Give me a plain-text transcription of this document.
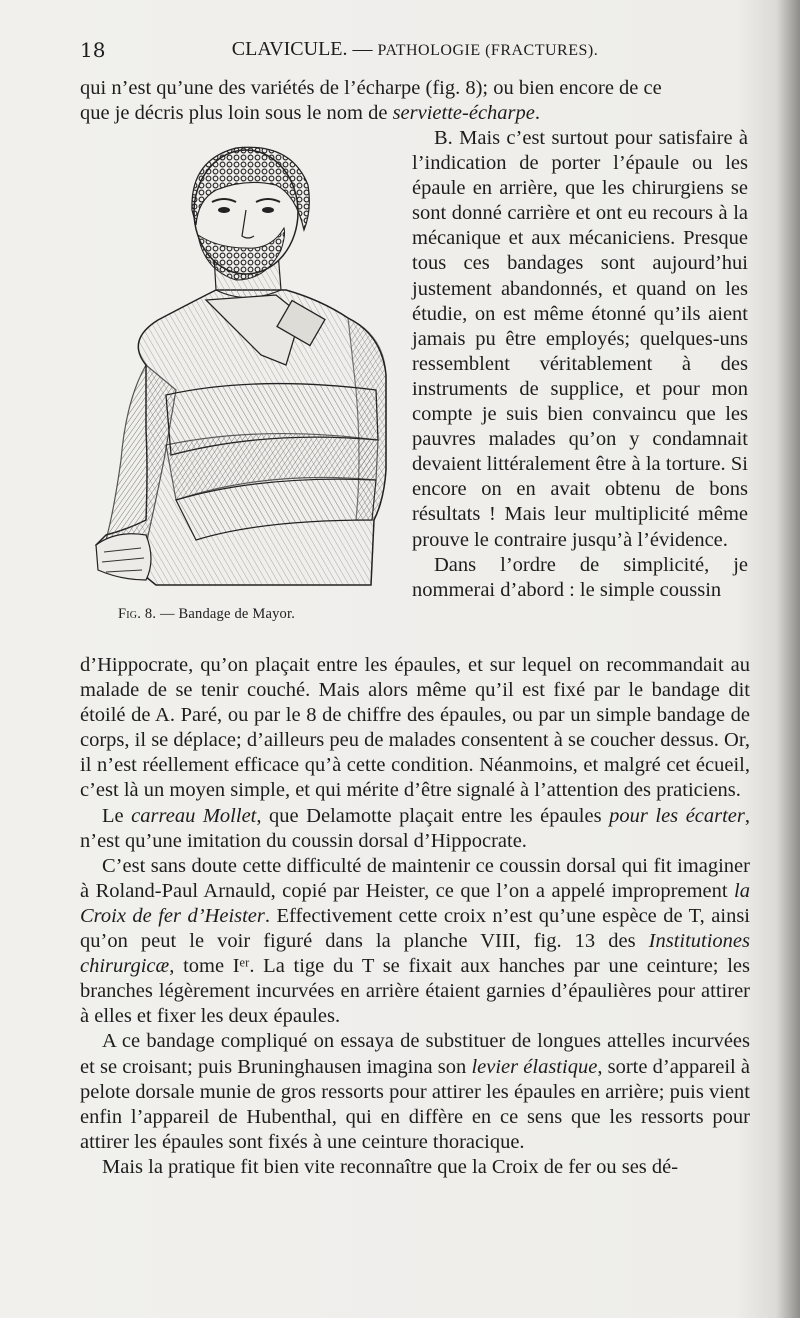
18	CLAVICULE. — PATHOLOGIE (FRACTURES).

qui n’est qu’une des variétés de l’écharpe (fig. 8); ou bien encore de ce

que je décris plus loin sous le nom de serviette-écharpe.

Fig. 8. — Bandage de Mayor.

B. Mais c’est surtout pour satisfaire à l’indication de porter l’épaule ou les épaule en arrière, que les chirurgiens se sont donné carrière et ont eu recours à la mécanique et aux mécaniciens. Presque tous ces bandages sont aujourd’hui justement abandonnés, et quand on les étudie, on est même étonné qu’ils aient jamais pu être employés; quelques-uns ressemblent véritablement à des instruments de supplice, et pour mon compte je suis bien convaincu que les pauvres malades qu’on y condamnait devaient littéralement être à la torture. Si encore on en avait obtenu de bons résultats ! Mais leur multiplicité même prouve le contraire jusqu’à l’évidence.

Dans l’ordre de simplicité, je nommerai d’abord : le simple coussin

d’Hippocrate, qu’on plaçait entre les épaules, et sur lequel on recommandait au malade de se tenir couché. Mais alors même qu’il est fixé par le bandage dit étoilé de A. Paré, ou par le 8 de chiffre des épaules, ou par un simple bandage de corps, il se déplace; d’ailleurs peu de malades consentent à se coucher dessus. Or, il n’est réellement efficace qu’à cette condition. Néanmoins, et malgré cet écueil, c’est là un moyen simple, et qui mérite d’être signalé à l’attention des praticiens.

Le carreau Mollet, que Delamotte plaçait entre les épaules pour les écarter, n’est qu’une imitation du coussin dorsal d’Hippocrate.

C’est sans doute cette difficulté de maintenir ce coussin dorsal qui fit imaginer à Roland-Paul Arnauld, copié par Heister, ce que l’on a appelé improprement la Croix de fer d’Heister. Effectivement cette croix n’est qu’une espèce de T, ainsi qu’on peut le voir figuré dans la planche VIII, fig. 13 des Institutiones chirurgicæ, tome Iᵉʳ. La tige du T se fixait aux hanches par une ceinture; les branches légèrement incurvées en arrière étaient garnies d’épaulières pour attirer à elles et fixer les deux épaules.

A ce bandage compliqué on essaya de substituer de longues attelles incurvées et se croisant; puis Bruninghausen imagina son levier élastique, sorte d’appareil à pelote dorsale munie de gros ressorts pour attirer les épaules en arrière; puis vient enfin l’appareil de Hubenthal, qui en diffère en ce sens que les ressorts pour attirer les épaules sont fixés à une ceinture thoracique.

Mais la pratique fit bien vite reconnaître que la Croix de fer ou ses dé-
